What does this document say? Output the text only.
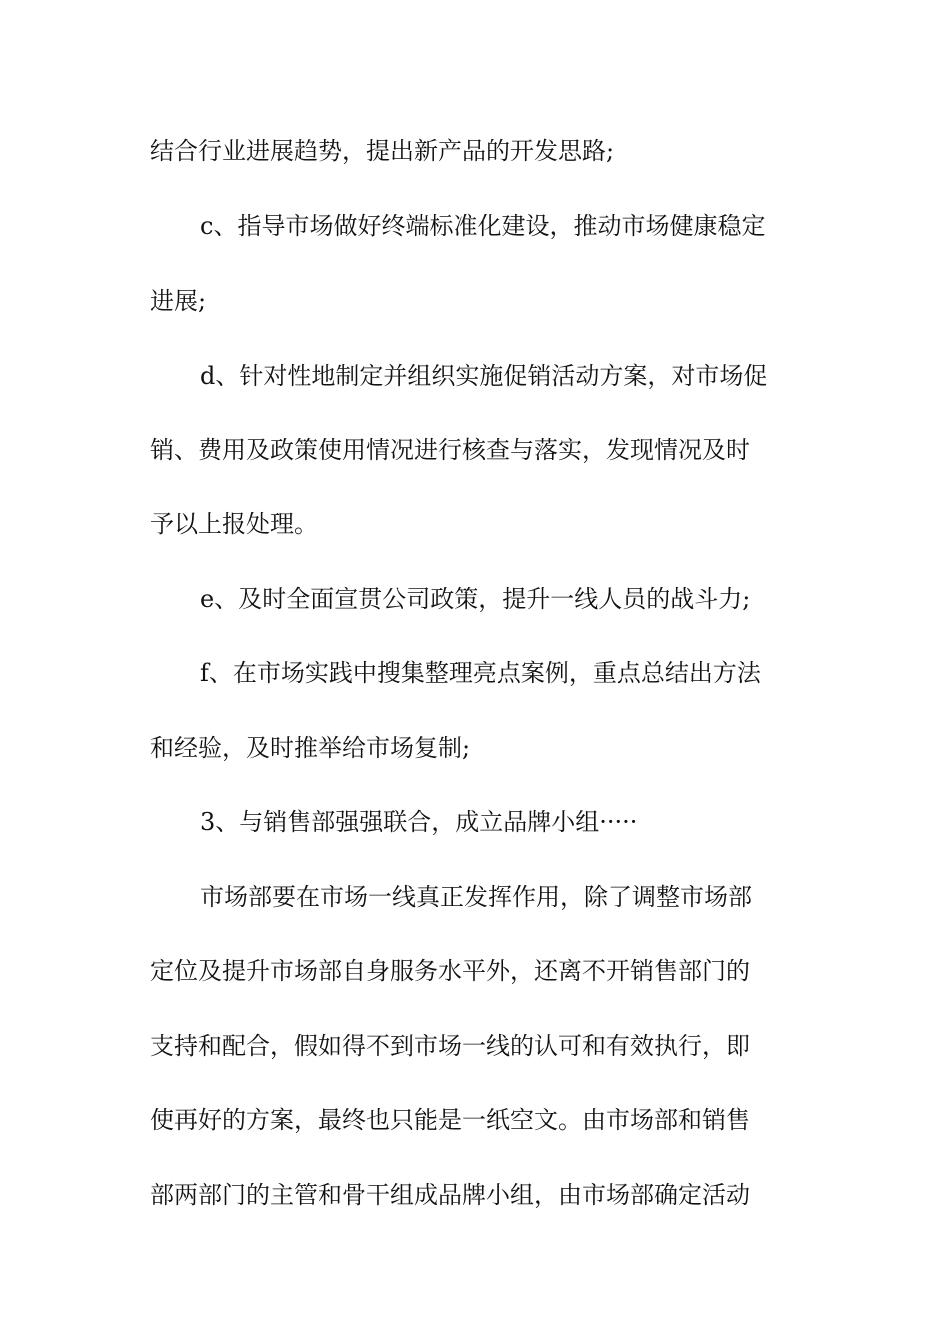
结合行业进展趋势，提出新产品的开发思路;
c、指导市场做好终端标准化建设，推动市场健康稳定
进展;
d、针对性地制定并组织实施促销活动方案，对市场促
销、费用及政策使用情况进行核查与落实，发现情况及时
予以上报处理。
e、及时全面宣贯公司政策，提升一线人员的战斗力;
f、在市场实践中搜集整理亮点案例，重点总结出方法
和经验，及时推举给市场复制;
3、与销售部强强联合，成立品牌小组·····
市场部要在市场一线真正发挥作用，除了调整市场部
定位及提升市场部自身服务水平外，还离不开销售部门的
支持和配合，假如得不到市场一线的认可和有效执行，即
使再好的方案，最终也只能是一纸空文。由市场部和销售
部两部门的主管和骨干组成品牌小组，由市场部确定活动
